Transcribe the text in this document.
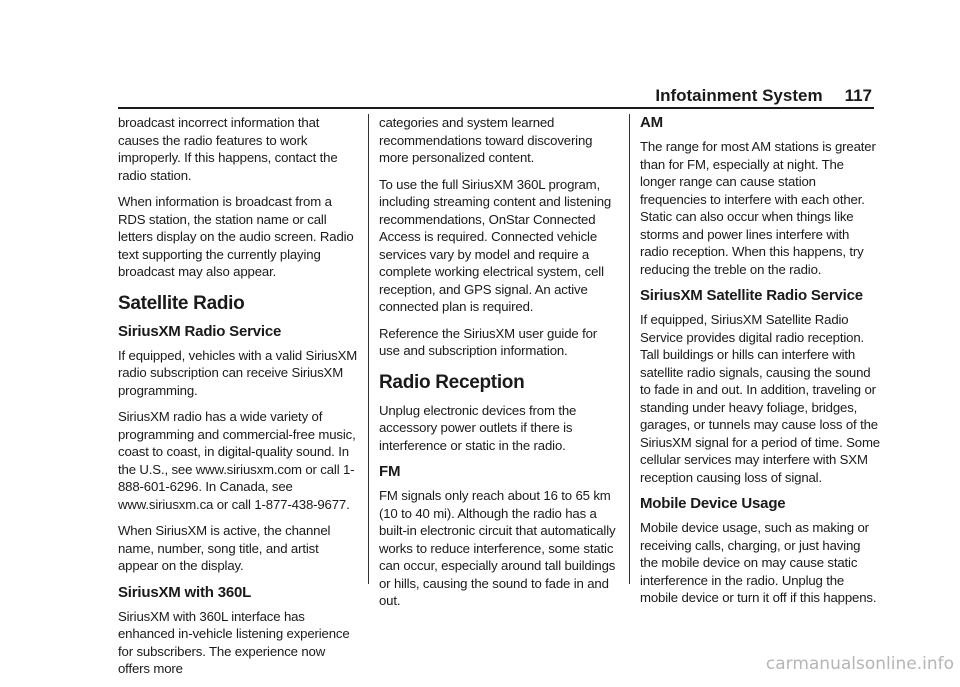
Infotainment System 117

broadcast incorrect information that causes the radio features to work improperly. If this happens, contact the radio station.

When information is broadcast from a RDS station, the station name or call letters display on the audio screen. Radio text supporting the currently playing broadcast may also appear.

Satellite Radio
SiriusXM Radio Service

If equipped, vehicles with a valid SiriusXM radio subscription can receive SiriusXM programming.

SiriusXM radio has a wide variety of programming and commercial-free music, coast to coast, in digital-quality sound. In the U.S., see www.siriusxm.com or call 1-888-601-6296. In Canada, see www.siriusxm.ca or call 1-877-438-9677.

When SiriusXM is active, the channel name, number, song title, and artist appear on the display.

SiriusXM with 360L

SiriusXM with 360L interface has enhanced in-vehicle listening experience for subscribers. The experience now offers more

categories and system learned recommendations toward discovering more personalized content.

To use the full SiriusXM 360L program, including streaming content and listening recommendations, OnStar Connected Access is required. Connected vehicle services vary by model and require a complete working electrical system, cell reception, and GPS signal. An active connected plan is required.

Reference the SiriusXM user guide for use and subscription information.

Radio Reception

Unplug electronic devices from the accessory power outlets if there is interference or static in the radio.

FM

FM signals only reach about 16 to 65 km (10 to 40 mi). Although the radio has a built-in electronic circuit that automatically works to reduce interference, some static can occur, especially around tall buildings or hills, causing the sound to fade in and out.

AM

The range for most AM stations is greater than for FM, especially at night. The longer range can cause station frequencies to interfere with each other. Static can also occur when things like storms and power lines interfere with radio reception. When this happens, try reducing the treble on the radio.

SiriusXM Satellite Radio Service

If equipped, SiriusXM Satellite Radio Service provides digital radio reception. Tall buildings or hills can interfere with satellite radio signals, causing the sound to fade in and out. In addition, traveling or standing under heavy foliage, bridges, garages, or tunnels may cause loss of the SiriusXM signal for a period of time. Some cellular services may interfere with SXM reception causing loss of signal.

Mobile Device Usage

Mobile device usage, such as making or receiving calls, charging, or just having the mobile device on may cause static interference in the radio. Unplug the mobile device or turn it off if this happens.

carmanualsonline.info
